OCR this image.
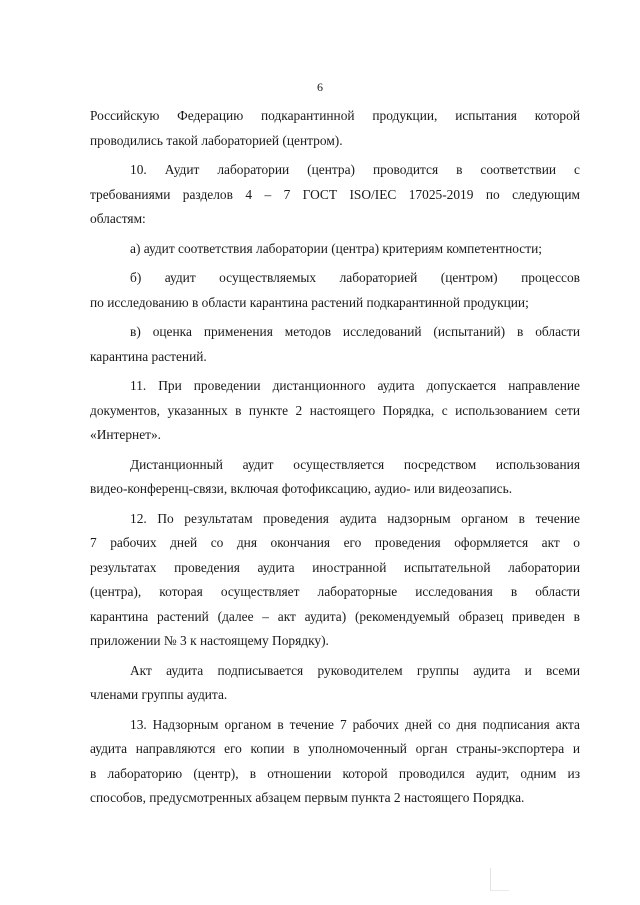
6
Российскую Федерацию подкарантинной продукции, испытания которой
проводились такой лабораторией (центром).
10. Аудит лаборатории (центра) проводится в соответствии с
требованиями разделов 4 – 7 ГОСТ ISO/IEC 17025-2019 по следующим
областям:
а) аудит соответствия лаборатории (центра) критериям компетентности;
б) аудит осуществляемых лабораторией (центром) процессов
по исследованию в области карантина растений подкарантинной продукции;
в) оценка применения методов исследований (испытаний) в области
карантина растений.
11. При проведении дистанционного аудита допускается направление
документов, указанных в пункте 2 настоящего Порядка, с использованием сети
«Интернет».
Дистанционный аудит осуществляется посредством использования
видео-конференц-связи, включая фотофиксацию, аудио- или видеозапись.
12. По результатам проведения аудита надзорным органом в течение
7 рабочих дней со дня окончания его проведения оформляется акт о
результатах проведения аудита иностранной испытательной лаборатории
(центра), которая осуществляет лабораторные исследования в области
карантина растений (далее – акт аудита) (рекомендуемый образец приведен в
приложении № 3 к настоящему Порядку).
Акт аудита подписывается руководителем группы аудита и всеми
членами группы аудита.
13. Надзорным органом в течение 7 рабочих дней со дня подписания акта
аудита направляются его копии в уполномоченный орган страны-экспортера и
в лабораторию (центр), в отношении которой проводился аудит, одним из
способов, предусмотренных абзацем первым пункта 2 настоящего Порядка.
